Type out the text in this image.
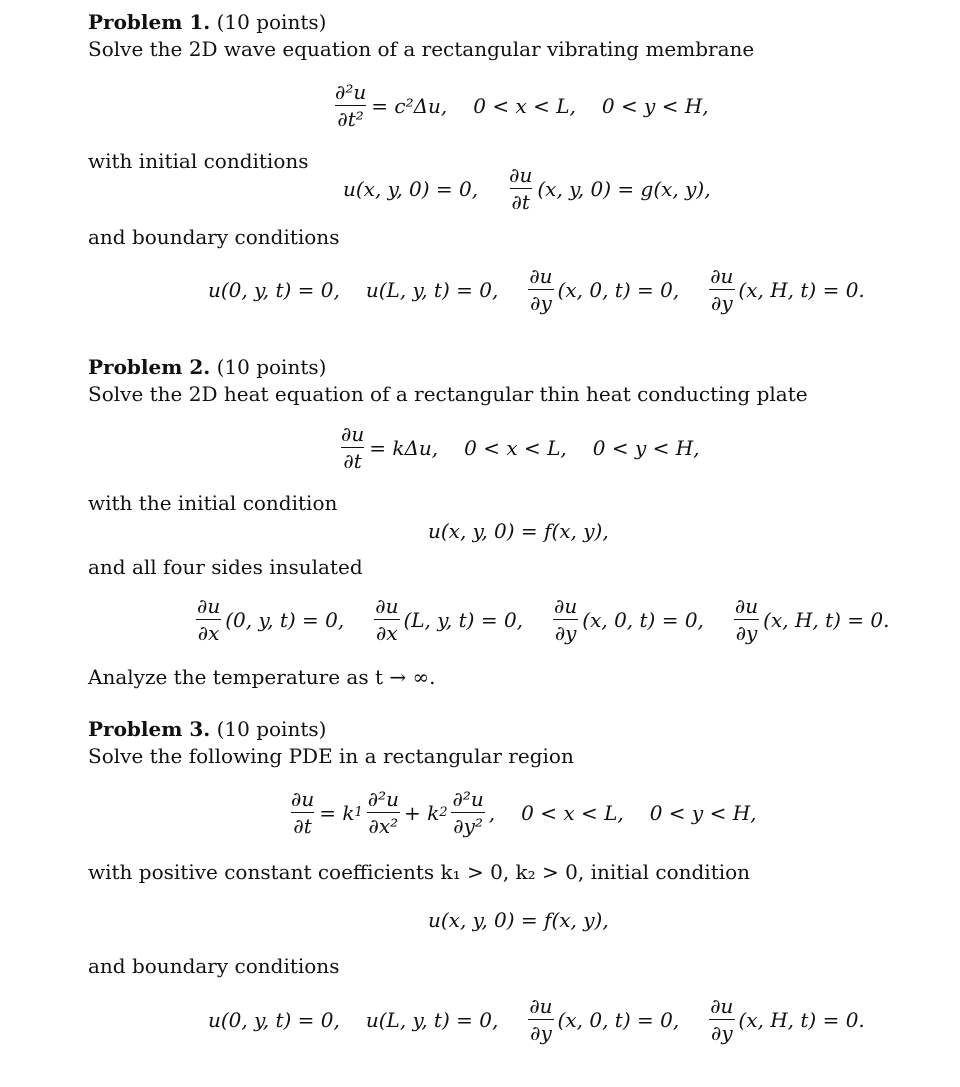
Problem 1. (10 points)
Solve the 2D wave equation of a rectangular vibrating membrane
$\frac{\text{∂²u}}{\text{∂t²}} = c^2\Delta u$, 0 < x < L, 0 < y < H,
with initial conditions
u(x, y, 0) = 0, $\frac{\partial u}{\partial t} (x$, y, 0) = g(x, y),
and boundary conditions
u(0, y, t) = 0, u(L, y, t) = 0, $\frac{\partial u}{\partial y} (x$, 0, t) = 0, $\frac{\partial u}{\partial y} (x$, H, t) = 0.
Problem 2. (10 points)
Solve the 2D heat equation of a rectangular thin heat conducting plate
$\frac{\partial u}{\partial t} = k\Delta u$, 0 < x < L, 0 < y < H,
with the initial condition
u(x, y, 0) = f(x, y),
and all four sides insulated
$\frac{\partial u}{\partial x} (0$, y, t) = 0, $\frac{\partial u}{\partial x} (L$, y, t) = 0, $\frac{\partial u}{\partial y} (x$, 0, t) = 0, $\frac{\partial u}{\partial y} (x$, H, t) = 0.
Analyze the temperature as t → ∞.
Problem 3. (10 points)
Solve the following PDE in a rectangular region
$\frac{\partial u}{\partial t} = k$ $1 \frac{\text{∂²u}}{\text{∂x²}} + k$ $2 \frac{\text{∂²u}}{\text{∂y²}}$ , 0 < x < L, 0 < y < H,
with positive constant coefficients k₁ > 0, k₂ > 0, initial condition
u(x, y, 0) = f(x, y),
and boundary conditions
u(0, y, t) = 0, u(L, y, t) = 0, $\frac{\partial u}{\partial y} (x$, 0, t) = 0, $\frac{\partial u}{\partial y} (x$, H, t) = 0.
